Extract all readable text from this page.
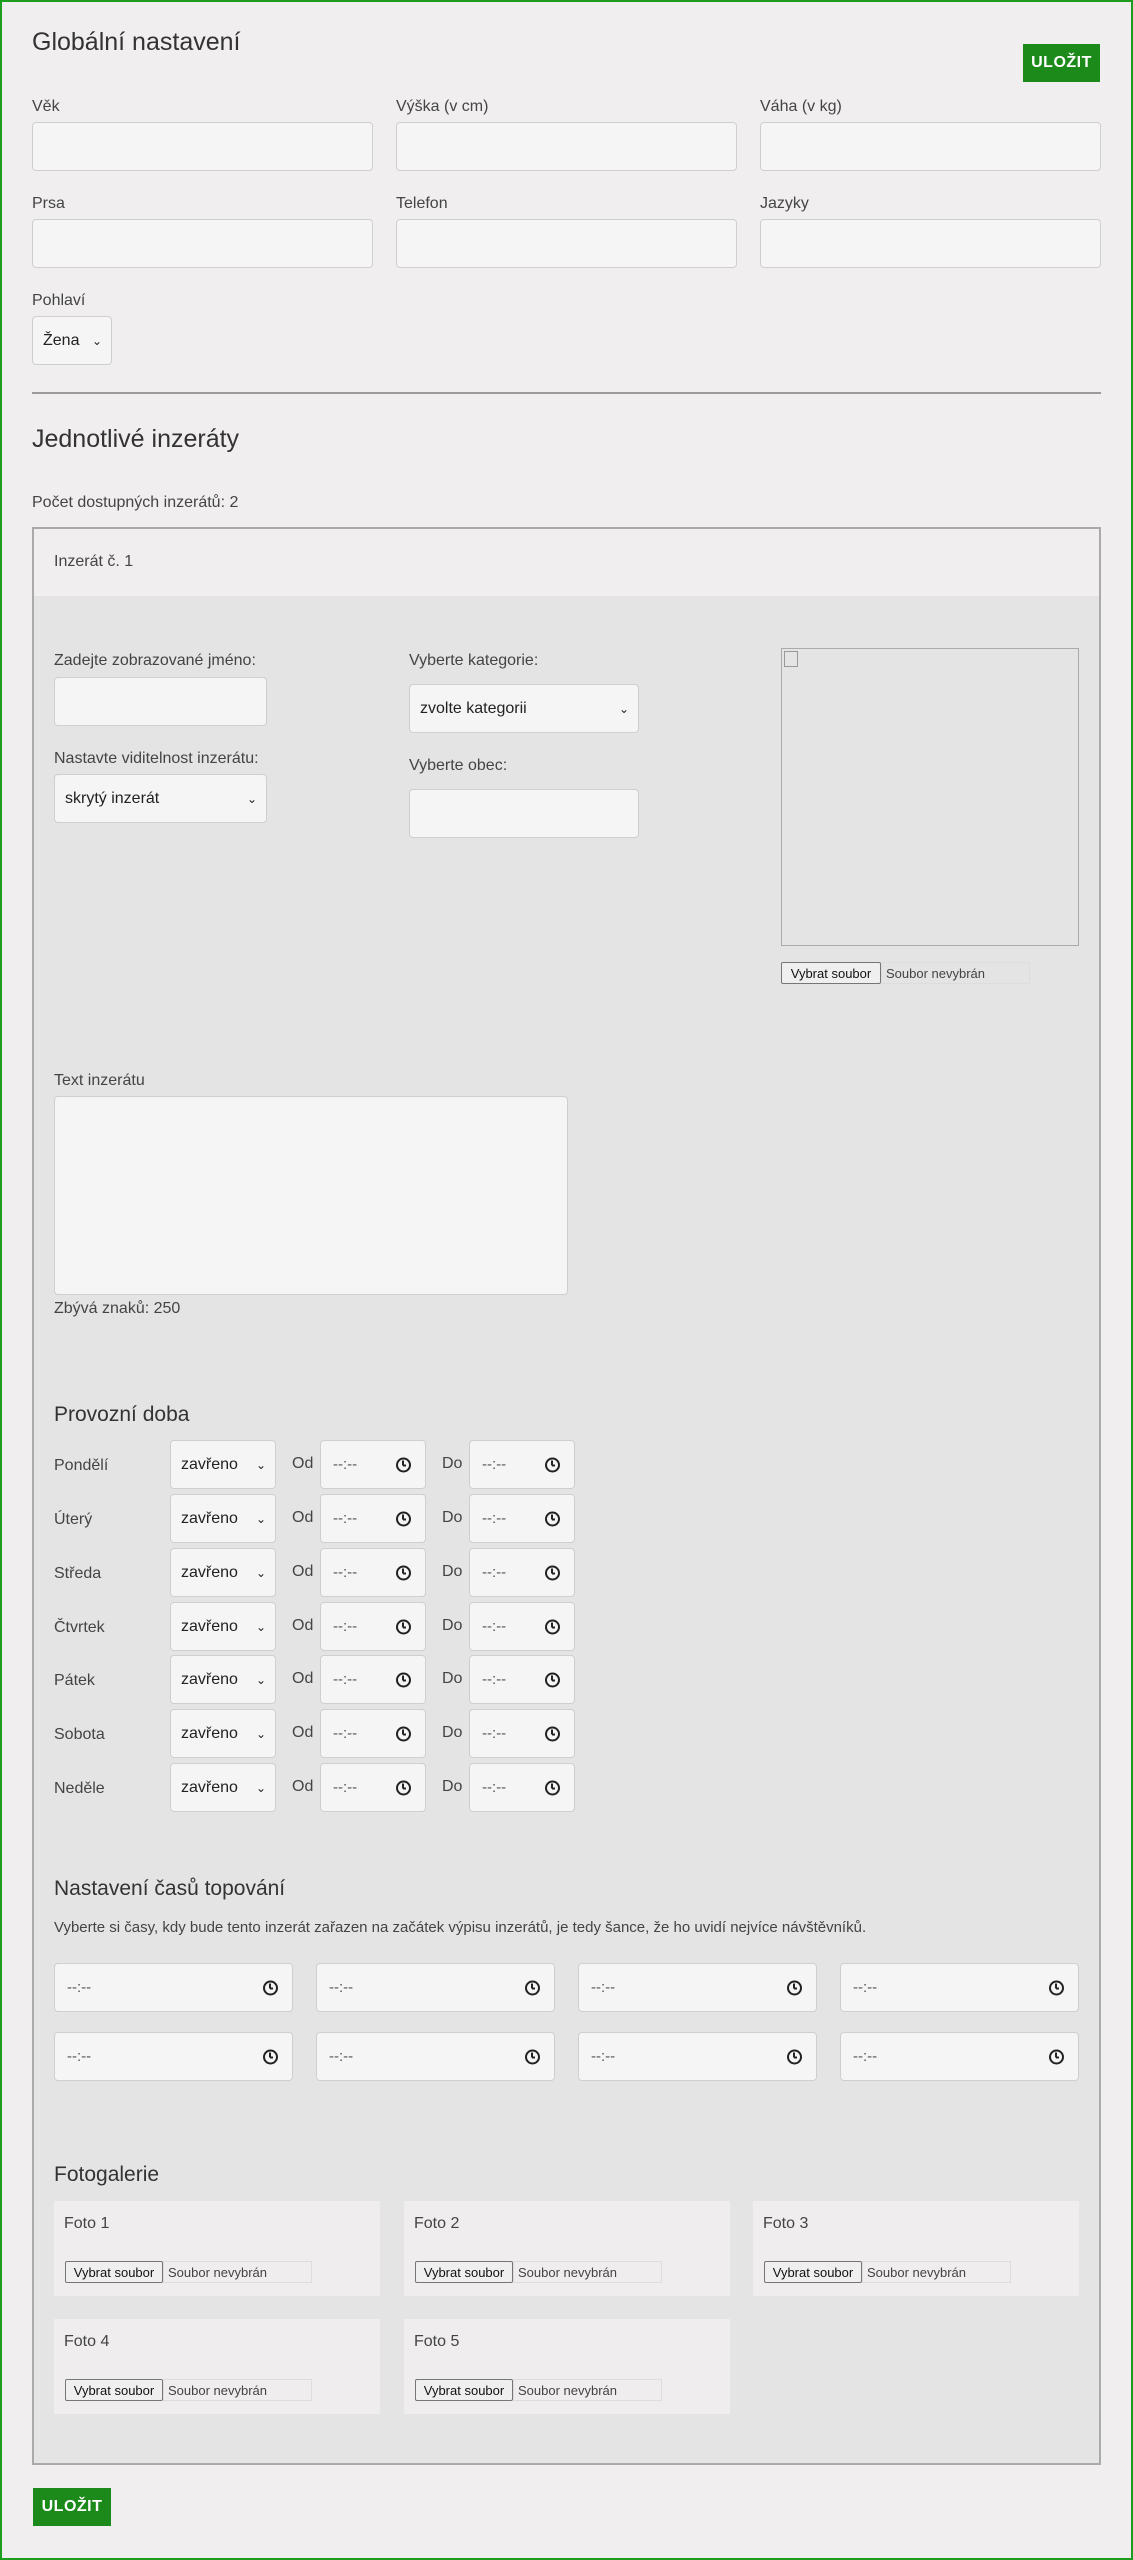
Globální nastavení
ULOŽIT
Věk	Výška (v cm)	Váha (v kg)
Prsa	Telefon	Jazyky
Pohlaví
Žena ⌄
Jednotlivé inzeráty
Počet dostupných inzerátů: 2
Inzerát č. 1
Zadejte zobrazované jméno:
Nastavte viditelnost inzerátu:
skrytý inzerát	⌄
Vyberte kategorie:
zvolte kategorii	⌄
Vyberte obec:
Vybrat soubor	Soubor nevybrán
Text inzerátu
Zbývá znaků: 250
Provozní doba
Nastavení časů topování
Vyberte si časy, kdy bude tento inzerát zařazen na začátek výpisu inzerátů, je tedy šance, že ho uvidí nejvíce návštěvníků.
Fotogalerie
ULOŽIT
Pondělí	zavřeno ⌄ Od --:--	Do --:--
Úterý	zavřeno ⌄ Od --:--	Do --:--
Středa	zavřeno ⌄ Od --:--	Do --:--
Čtvrtek	zavřeno ⌄ Od --:--	Do --:--
Pátek	zavřeno ⌄ Od --:--	Do --:--
Sobota	zavřeno ⌄ Od --:--	Do --:--
Neděle	zavřeno ⌄ Od --:--	Do --:--
--:--	--:--	--:--	--:--
--:--	--:--	--:--	--:--
Foto 1
Vybrat soubor	Soubor nevybrán
Foto 2
Vybrat soubor	Soubor nevybrán
Foto 3
Vybrat soubor	Soubor nevybrán
Foto 4
Vybrat soubor	Soubor nevybrán
Foto 5
Vybrat soubor	Soubor nevybrán
